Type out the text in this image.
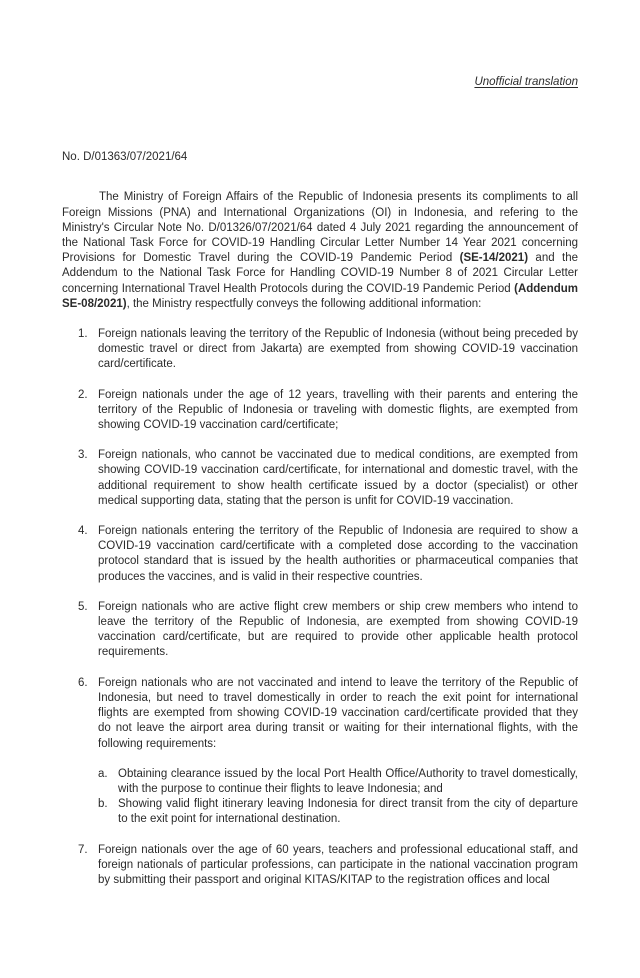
Unofficial translation
No. D/01363/07/2021/64

The Ministry of Foreign Affairs of the Republic of Indonesia presents its compliments to all Foreign Missions (PNA) and International Organizations (OI) in Indonesia, and refering to the Ministry's Circular Note No. D/01326/07/2021/64 dated 4 July 2021 regarding the announcement of the National Task Force for COVID-19 Handling Circular Letter Number 14 Year 2021 concerning Provisions for Domestic Travel during the COVID-19 Pandemic Period (SE-14/2021) and the Addendum to the National Task Force for Handling COVID-19 Number 8 of 2021 Circular Letter concerning International Travel Health Protocols during the COVID-19 Pandemic Period (Addendum SE-08/2021), the Ministry respectfully conveys the following additional information:

1. Foreign nationals leaving the territory of the Republic of Indonesia (without being preceded by domestic travel or direct from Jakarta) are exempted from showing COVID-19 vaccination card/certificate.
2. Foreign nationals under the age of 12 years, travelling with their parents and entering the territory of the Republic of Indonesia or traveling with domestic flights, are exempted from showing COVID-19 vaccination card/certificate;
3. Foreign nationals, who cannot be vaccinated due to medical conditions, are exempted from showing COVID-19 vaccination card/certificate, for international and domestic travel, with the additional requirement to show health certificate issued by a doctor (specialist) or other medical supporting data, stating that the person is unfit for COVID-19 vaccination.
4. Foreign nationals entering the territory of the Republic of Indonesia are required to show a COVID-19 vaccination card/certificate with a completed dose according to the vaccination protocol standard that is issued by the health authorities or pharmaceutical companies that produces the vaccines, and is valid in their respective countries.
5. Foreign nationals who are active flight crew members or ship crew members who intend to leave the territory of the Republic of Indonesia, are exempted from showing COVID-19 vaccination card/certificate, but are required to provide other applicable health protocol requirements.
6. Foreign nationals who are not vaccinated and intend to leave the territory of the Republic of Indonesia, but need to travel domestically in order to reach the exit point for international flights are exempted from showing COVID-19 vaccination card/certificate provided that they do not leave the airport area during transit or waiting for their international flights, with the following requirements:
a. Obtaining clearance issued by the local Port Health Office/Authority to travel domestically, with the purpose to continue their flights to leave Indonesia; and
b. Showing valid flight itinerary leaving Indonesia for direct transit from the city of departure to the exit point for international destination.
7. Foreign nationals over the age of 60 years, teachers and professional educational staff, and foreign nationals of particular professions, can participate in the national vaccination program by submitting their passport and original KITAS/KITAP to the registration offices and local
